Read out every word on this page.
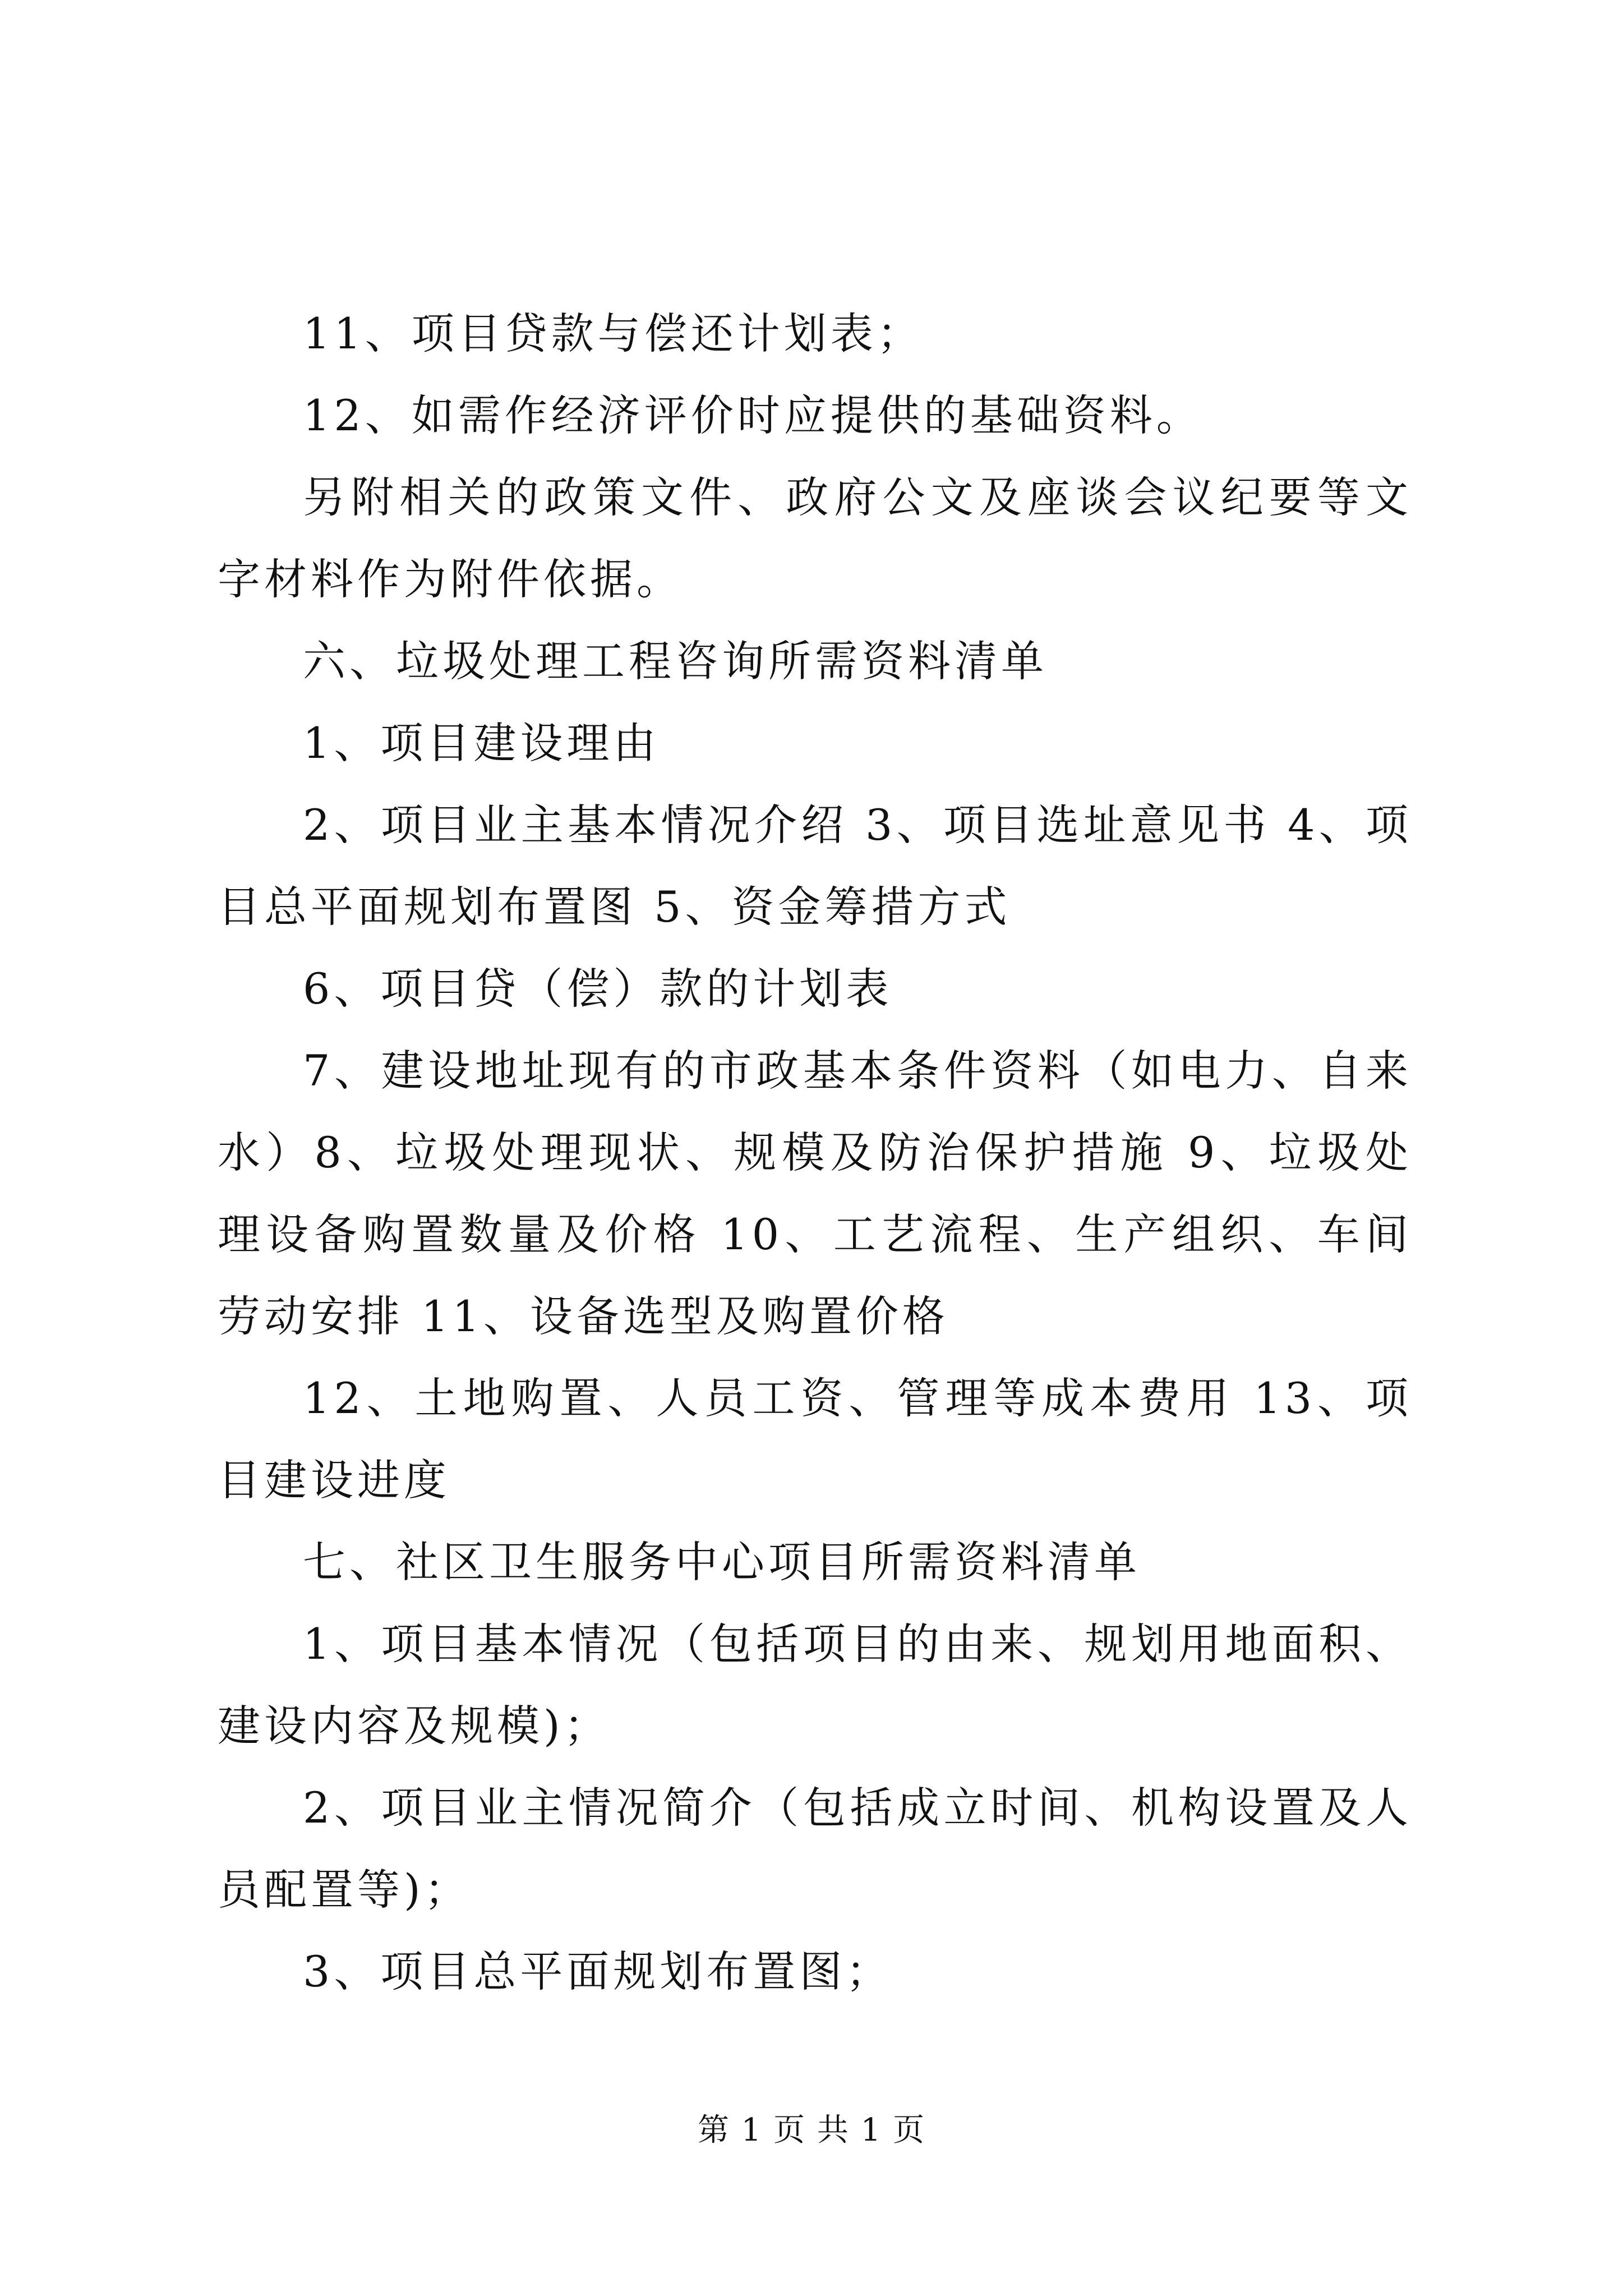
11、项目贷款与偿还计划表；

12、如需作经济评价时应提供的基础资料。

另附相关的政策文件、政府公文及座谈会议纪要等文字材料作为附件依据。

六、垃圾处理工程咨询所需资料清单

1、项目建设理由

2、项目业主基本情况介绍 3、项目选址意见书 4、项目总平面规划布置图 5、资金筹措方式

6、项目贷（偿）款的计划表

7、建设地址现有的市政基本条件资料（如电力、自来水）8、垃圾处理现状、规模及防治保护措施 9、垃圾处理设备购置数量及价格 10、工艺流程、生产组织、车间劳动安排 11、设备选型及购置价格

12、土地购置、人员工资、管理等成本费用 13、项目建设进度

七、社区卫生服务中心项目所需资料清单

1、项目基本情况（包括项目的由来、规划用地面积、建设内容及规模)；

2、项目业主情况简介（包括成立时间、机构设置及人员配置等)；

3、项目总平面规划布置图；

第 1 页 共 1 页
